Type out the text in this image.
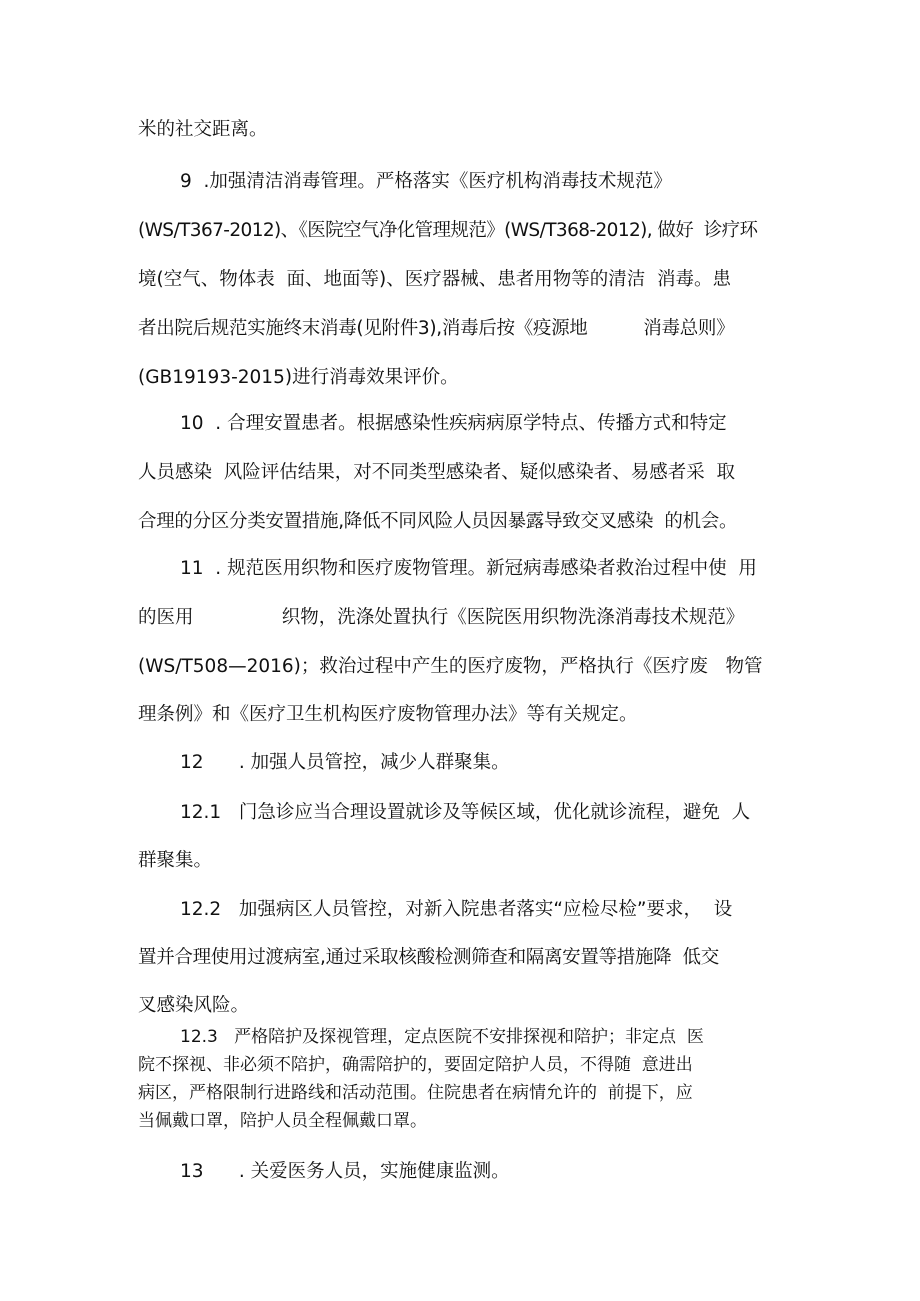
米的社交距离。

9  .加强清洁消毒管理。严格落实《医疗机构消毒技术规范》

(WS/T367-2012)、《医院空气净化管理规范》(WS/T368-2012), 做好  诊疗环

境(空气、物体表  面、地面等)、医疗器械、患者用物等的清洁  消毒。患

者出院后规范实施终末消毒(见附件3),消毒后按《疫源地          消毒总则》

(GB19193-2015)进行消毒效果评价。

10  . 合理安置患者。根据感染性疾病病原学特点、传播方式和特定

人员感染  风险评估结果，对不同类型感染者、疑似感染者、易感者采  取

合理的分区分类安置措施,降低不同风险人员因暴露导致交叉感染  的机会。

11  . 规范医用织物和医疗废物管理。新冠病毒感染者救治过程中使  用

的医用               织物，洗涤处置执行《医院医用织物洗涤消毒技术规范》

(WS/T508—2016)；救治过程中产生的医疗废物，严格执行《医疗废   物管

理条例》和《医疗卫生机构医疗废物管理办法》等有关规定。

12      . 加强人员管控，减少人群聚集。

12.1   门急诊应当合理设置就诊及等候区域，优化就诊流程，避免  人

群聚集。

12.2   加强病区人员管控，对新入院患者落实“应检尽检”要求，  设

置并合理使用过渡病室,通过采取核酸检测筛查和隔离安置等措施降  低交

叉感染风险。

12.3   严格陪护及探视管理，定点医院不安排探视和陪护；非定点  医

院不探视、非必须不陪护，确需陪护的，要固定陪护人员，不得随  意进出

病区，严格限制行进路线和活动范围。住院患者在病情允许的  前提下，应

当佩戴口罩，陪护人员全程佩戴口罩。

13      . 关爱医务人员，实施健康监测。
